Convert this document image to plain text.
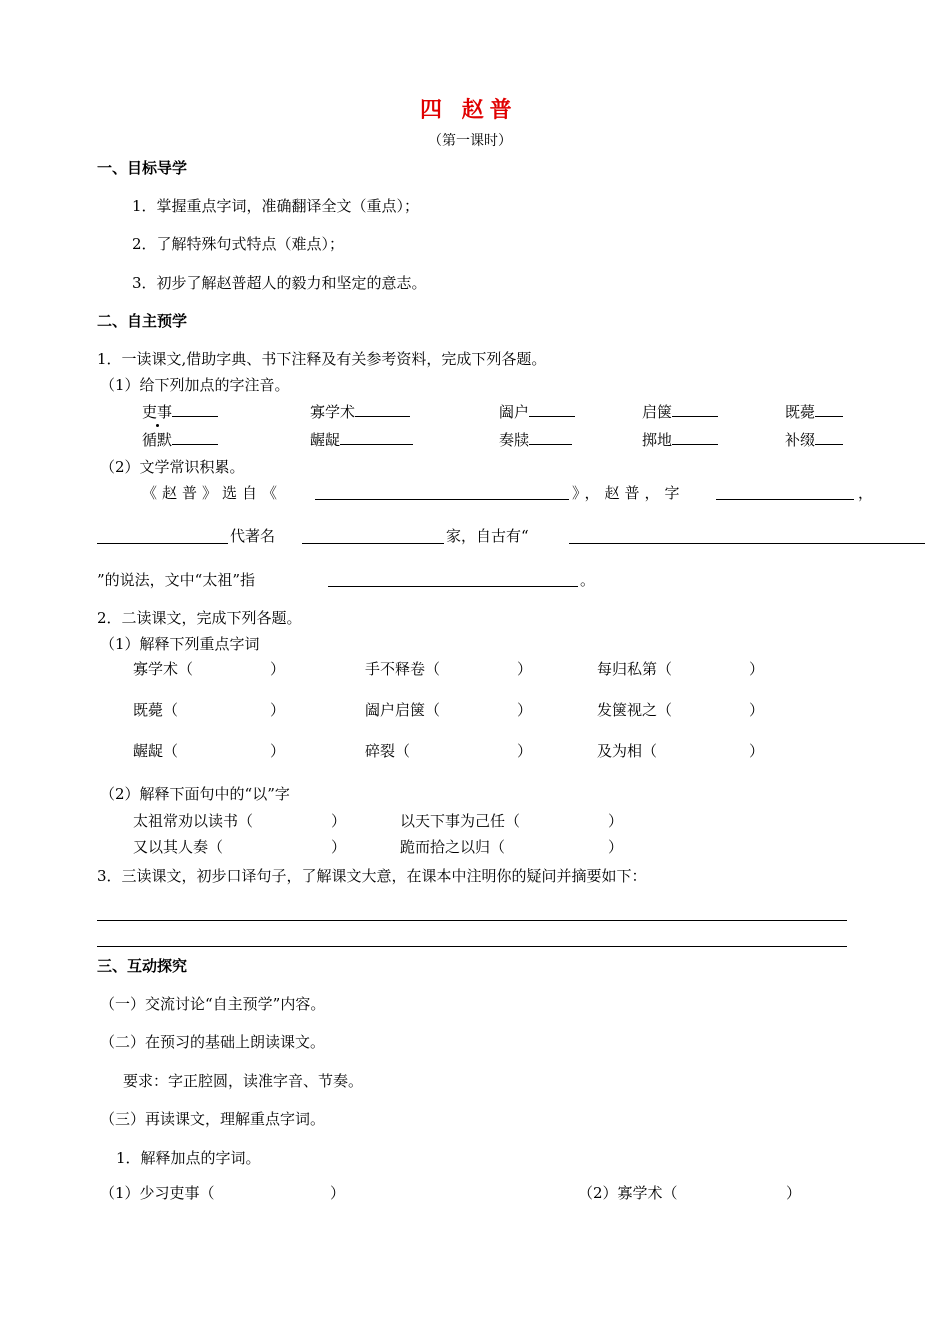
四 赵普
（第一课时）
一、目标导学
1．掌握重点字词，准确翻译全文（重点）；
2．了解特殊句式特点（难点）；
3．初步了解赵普超人的毅力和坚定的意志。
二、自主预学
1．一读课文,借助字典、书下注释及有关参考资料，完成下列各题。
（1）给下列加点的字注音。
吏事	寡学术	阖户	启箧	既薨
循默	龌龊	奏牍	掷地	补缀
（2）文学常识积累。
《赵普》选自《	》，赵普，字	，
代著名	家，自古有“
”的说法，文中“太祖”指	。
2．二读课文，完成下列各题。
（1）解释下列重点字词
寡学术（	）	手不释卷（	）	每归私第（	）
既薨（	）	阖户启箧（	）	发箧视之（	）
龌龊（	）	碎裂（	）	及为相（	）
（2）解释下面句中的“以”字
太祖常劝以读书（	）	以天下事为己任（	）
又以其人奏（	）	跪而拾之以归（	）
3．三读课文，初步口译句子，了解课文大意，在课本中注明你的疑问并摘要如下：
三、互动探究
（一）交流讨论“自主预学”内容。
（二）在预习的基础上朗读课文。
要求：字正腔圆，读准字音、节奏。
（三）再读课文，理解重点字词。
1．解释加点的字词。
（1）少习吏事（	）	（2）寡学术（	）
